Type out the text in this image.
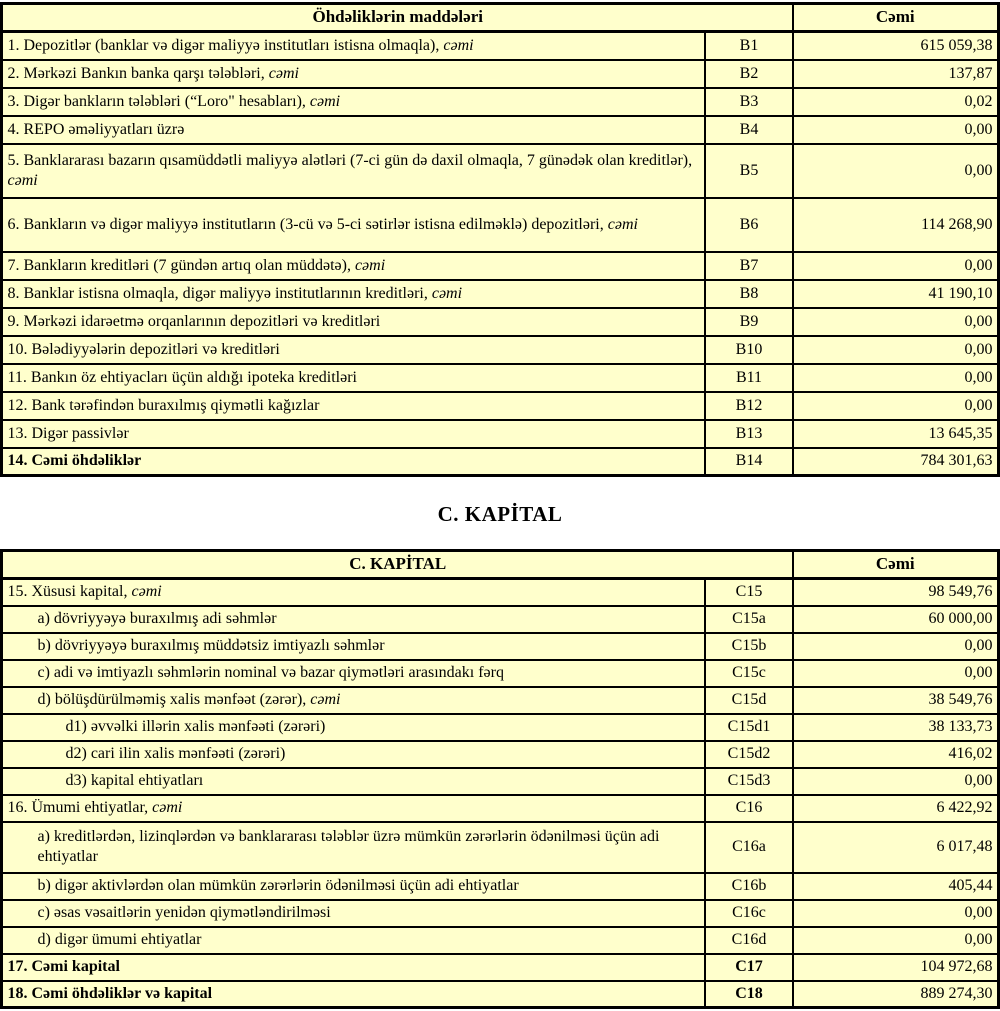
Öhdəliklərin maddələri		Cəmi
1. Depozitlər (banklar və digər maliyyə institutları istisna olmaqla), cəmi	B1	615 059,38
2. Mərkəzi Bankın banka qarşı tələbləri, cəmi	B2	137,87
3. Digər bankların tələbləri (“Loro" hesabları), cəmi	B3	0,02
4. REPO əməliyyatları üzrə	B4	0,00
5. Banklararası bazarın qısamüddətli maliyyə alətləri (7-ci gün də daxil olmaqla, 7 günədək olan kreditlər), cəmi	B5	0,00
6. Bankların və digər maliyyə institutların (3-cü və 5-ci sətirlər istisna edilməklə) depozitləri, cəmi	B6	114 268,90
7. Bankların kreditləri (7 gündən artıq olan müddətə), cəmi	B7	0,00
8. Banklar istisna olmaqla, digər maliyyə institutlarının kreditləri, cəmi	B8	41 190,10
9. Mərkəzi idarəetmə orqanlarının depozitləri və kreditləri	B9	0,00
10. Bələdiyyələrin depozitləri və kreditləri	B10	0,00
11. Bankın öz ehtiyacları üçün aldığı ipoteka kreditləri	B11	0,00
12. Bank tərəfindən buraxılmış qiymətli kağızlar	B12	0,00
13. Digər passivlər	B13	13 645,35
14. Cəmi öhdəliklər	B14	784 301,63
C. KAPİTAL
C. KAPİTAL		Cəmi
15. Xüsusi kapital, cəmi	C15	98 549,76
a) dövriyyəyə buraxılmış adi səhmlər	C15a	60 000,00
b) dövriyyəyə buraxılmış müddətsiz imtiyazlı səhmlər	C15b	0,00
c) adi və imtiyazlı səhmlərin nominal və bazar qiymətləri arasındakı fərq	C15c	0,00
d) bölüşdürülməmiş xalis mənfəət (zərər), cəmi	C15d	38 549,76
d1) əvvəlki illərin xalis mənfəəti (zərəri)	C15d1	38 133,73
d2) cari ilin xalis mənfəəti (zərəri)	C15d2	416,02
d3) kapital ehtiyatları	C15d3	0,00
16. Ümumi ehtiyatlar, cəmi	C16	6 422,92
a) kreditlərdən, lizinqlərdən və banklararası tələblər üzrə mümkün zərərlərin ödənilməsi üçün adi ehtiyatlar	C16a	6 017,48
b) digər aktivlərdən olan mümkün zərərlərin ödənilməsi üçün adi ehtiyatlar	C16b	405,44
c) əsas vəsaitlərin yenidən qiymətləndirilməsi	C16c	0,00
d) digər ümumi ehtiyatlar	C16d	0,00
17. Cəmi kapital	C17	104 972,68
18. Cəmi öhdəliklər və kapital	C18	889 274,30
